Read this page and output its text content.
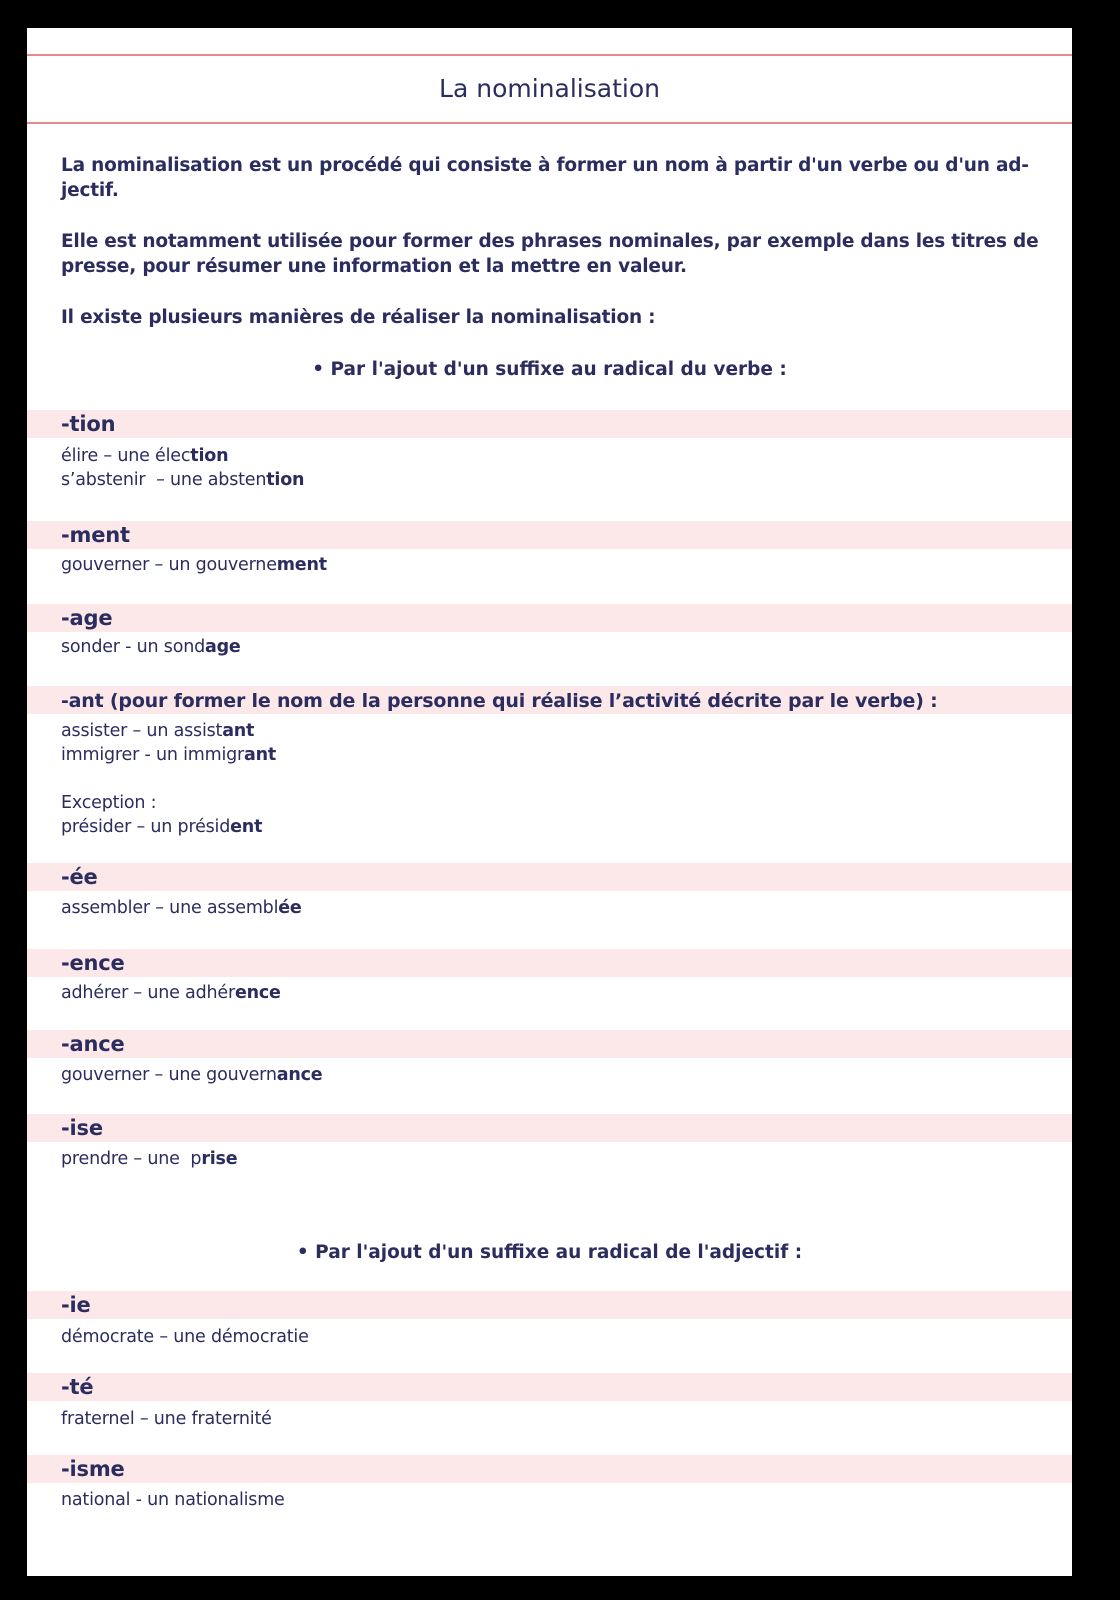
La nominalisation
La nominalisation est un procédé qui consiste à former un nom à partir d'un verbe ou d'un ad-
jectif.
Elle est notamment utilisée pour former des phrases nominales, par exemple dans les titres de
presse, pour résumer une information et la mettre en valeur.
Il existe plusieurs manières de réaliser la nominalisation :
• Par l'ajout d'un suffixe au radical du verbe :
-tion
élire – une élection
s’abstenir  – une abstention
-ment
gouverner – un gouvernement
-age
sonder - un sondage
-ant (pour former le nom de la personne qui réalise l’activité décrite par le verbe) :
assister – un assistant
immigrer - un immigrant
Exception :
présider – un président
-ée
assembler – une assemblée
-ence
adhérer – une adhérence
-ance
gouverner – une gouvernance
-ise
prendre – une  prise
• Par l'ajout d'un suffixe au radical de l'adjectif :
-ie
démocrate – une démocratie
-té
fraternel – une fraternité
-isme
national - un nationalisme
